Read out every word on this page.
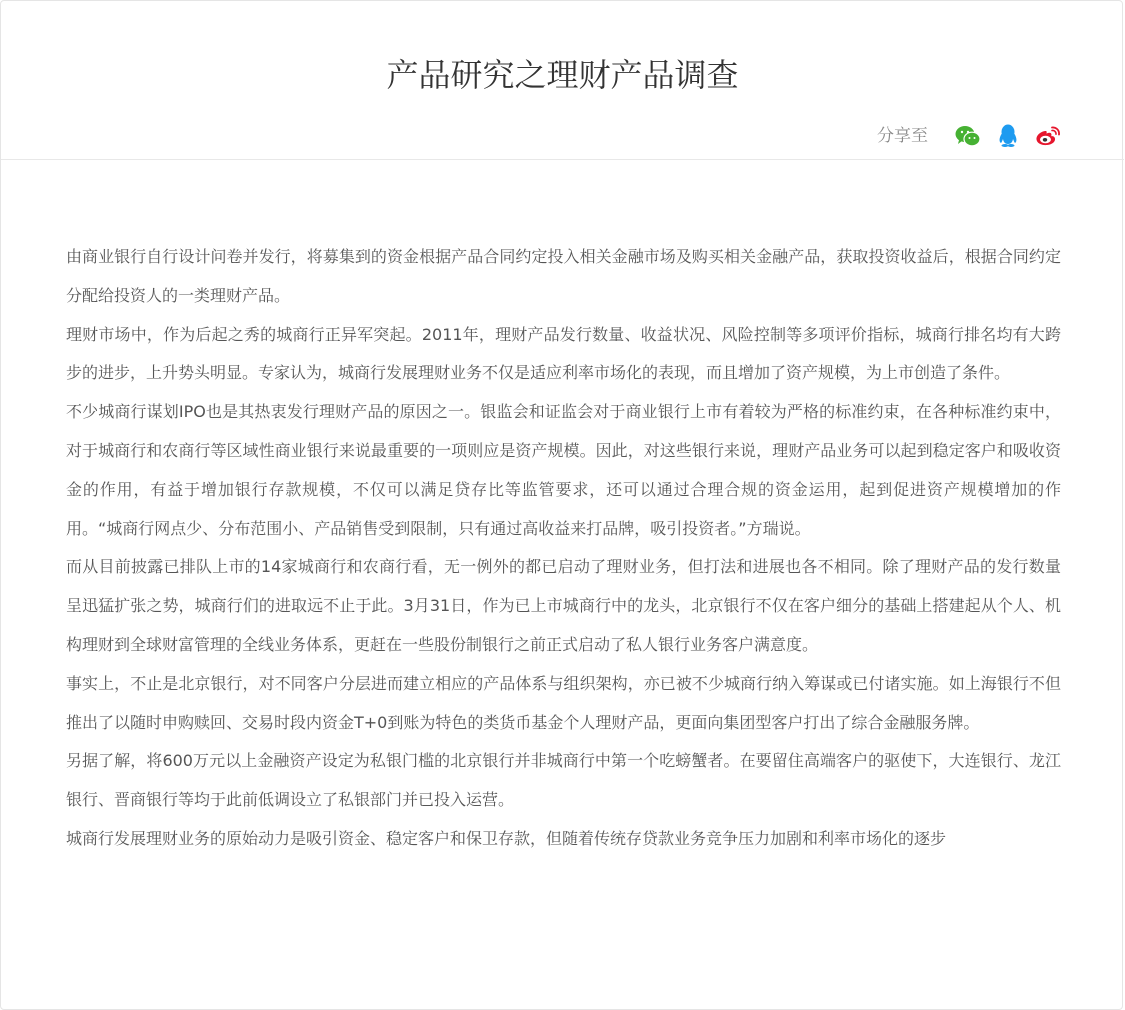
产品研究之理财产品调查
分享至

由商业银行自行设计问卷并发行，将募集到的资金根据产品合同约定投入相关金融市场及购买相关金融产品，获取投资收益后，根据合同约定分配给投资人的一类理财产品。

理财市场中，作为后起之秀的城商行正异军突起。2011年，理财产品发行数量、收益状况、风险控制等多项评价指标，城商行排名均有大跨步的进步，上升势头明显。专家认为，城商行发展理财业务不仅是适应利率市场化的表现，而且增加了资产规模，为上市创造了条件。

不少城商行谋划IPO也是其热衷发行理财产品的原因之一。银监会和证监会对于商业银行上市有着较为严格的标准约束，在各种标准约束中，对于城商行和农商行等区域性商业银行来说最重要的一项则应是资产规模。因此，对这些银行来说，理财产品业务可以起到稳定客户和吸收资金的作用，有益于增加银行存款规模，不仅可以满足贷存比等监管要求，还可以通过合理合规的资金运用，起到促进资产规模增加的作用。“城商行网点少、分布范围小、产品销售受到限制，只有通过高收益来打品牌，吸引投资者。”方瑞说。

而从目前披露已排队上市的14家城商行和农商行看，无一例外的都已启动了理财业务，但打法和进展也各不相同。除了理财产品的发行数量呈迅猛扩张之势，城商行们的进取远不止于此。3月31日，作为已上市城商行中的龙头，北京银行不仅在客户细分的基础上搭建起从个人、机构理财到全球财富管理的全线业务体系，更赶在一些股份制银行之前正式启动了私人银行业务客户满意度。

事实上，不止是北京银行，对不同客户分层进而建立相应的产品体系与组织架构，亦已被不少城商行纳入筹谋或已付诸实施。如上海银行不但推出了以随时申购赎回、交易时段内资金T+0到账为特色的类货币基金个人理财产品，更面向集团型客户打出了综合金融服务牌。

另据了解，将600万元以上金融资产设定为私银门槛的北京银行并非城商行中第一个吃螃蟹者。在要留住高端客户的驱使下，大连银行、龙江银行、晋商银行等均于此前低调设立了私银部门并已投入运营。

城商行发展理财业务的原始动力是吸引资金、稳定客户和保卫存款，但随着传统存贷款业务竞争压力加剧和利率市场化的逐步
